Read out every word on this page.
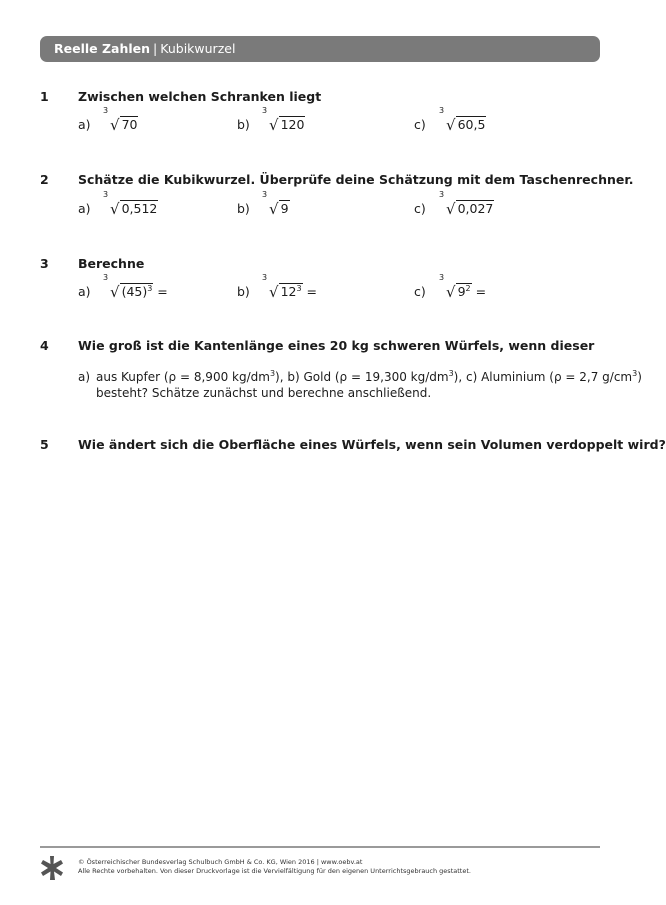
Reelle Zahlen | Kubikwurzel
1 Zwischen welchen Schranken liegt
a)
3
√ 70	b)
3
√ 120	c)
3
√ 60,5
2 Schätze die Kubikwurzel. Überprüfe deine Schätzung mit dem Taschenrechner.
a)
3
√ 0,512	b)
3
√ 9	c)
3
√ 0,027
3 Berechne
a)
3
√ $(45)^3$ =	b)
3
√ $12^3$ =	c)
3
√ $9^2$ =
4 Wie groß ist die Kantenlänge eines 20 kg schweren Würfels, wenn dieser
a) aus Kupfer (ρ = 8,900 $kg/dm^3$), b) Gold (ρ = 19,300 $kg/dm^3$), c) Aluminium (ρ = 2,7 $g/cm^3$)
besteht? Schätze zunächst und berechne anschließend.
5 Wie ändert sich die Oberfläche eines Würfels, wenn sein Volumen verdoppelt wird?
© Österreichischer Bundesverlag Schulbuch GmbH & Co. KG, Wien 2016 | www.oebv.at
Alle Rechte vorbehalten. Von dieser Druckvorlage ist die Vervielfältigung für den eigenen Unterrichtsgebrauch gestattet.
